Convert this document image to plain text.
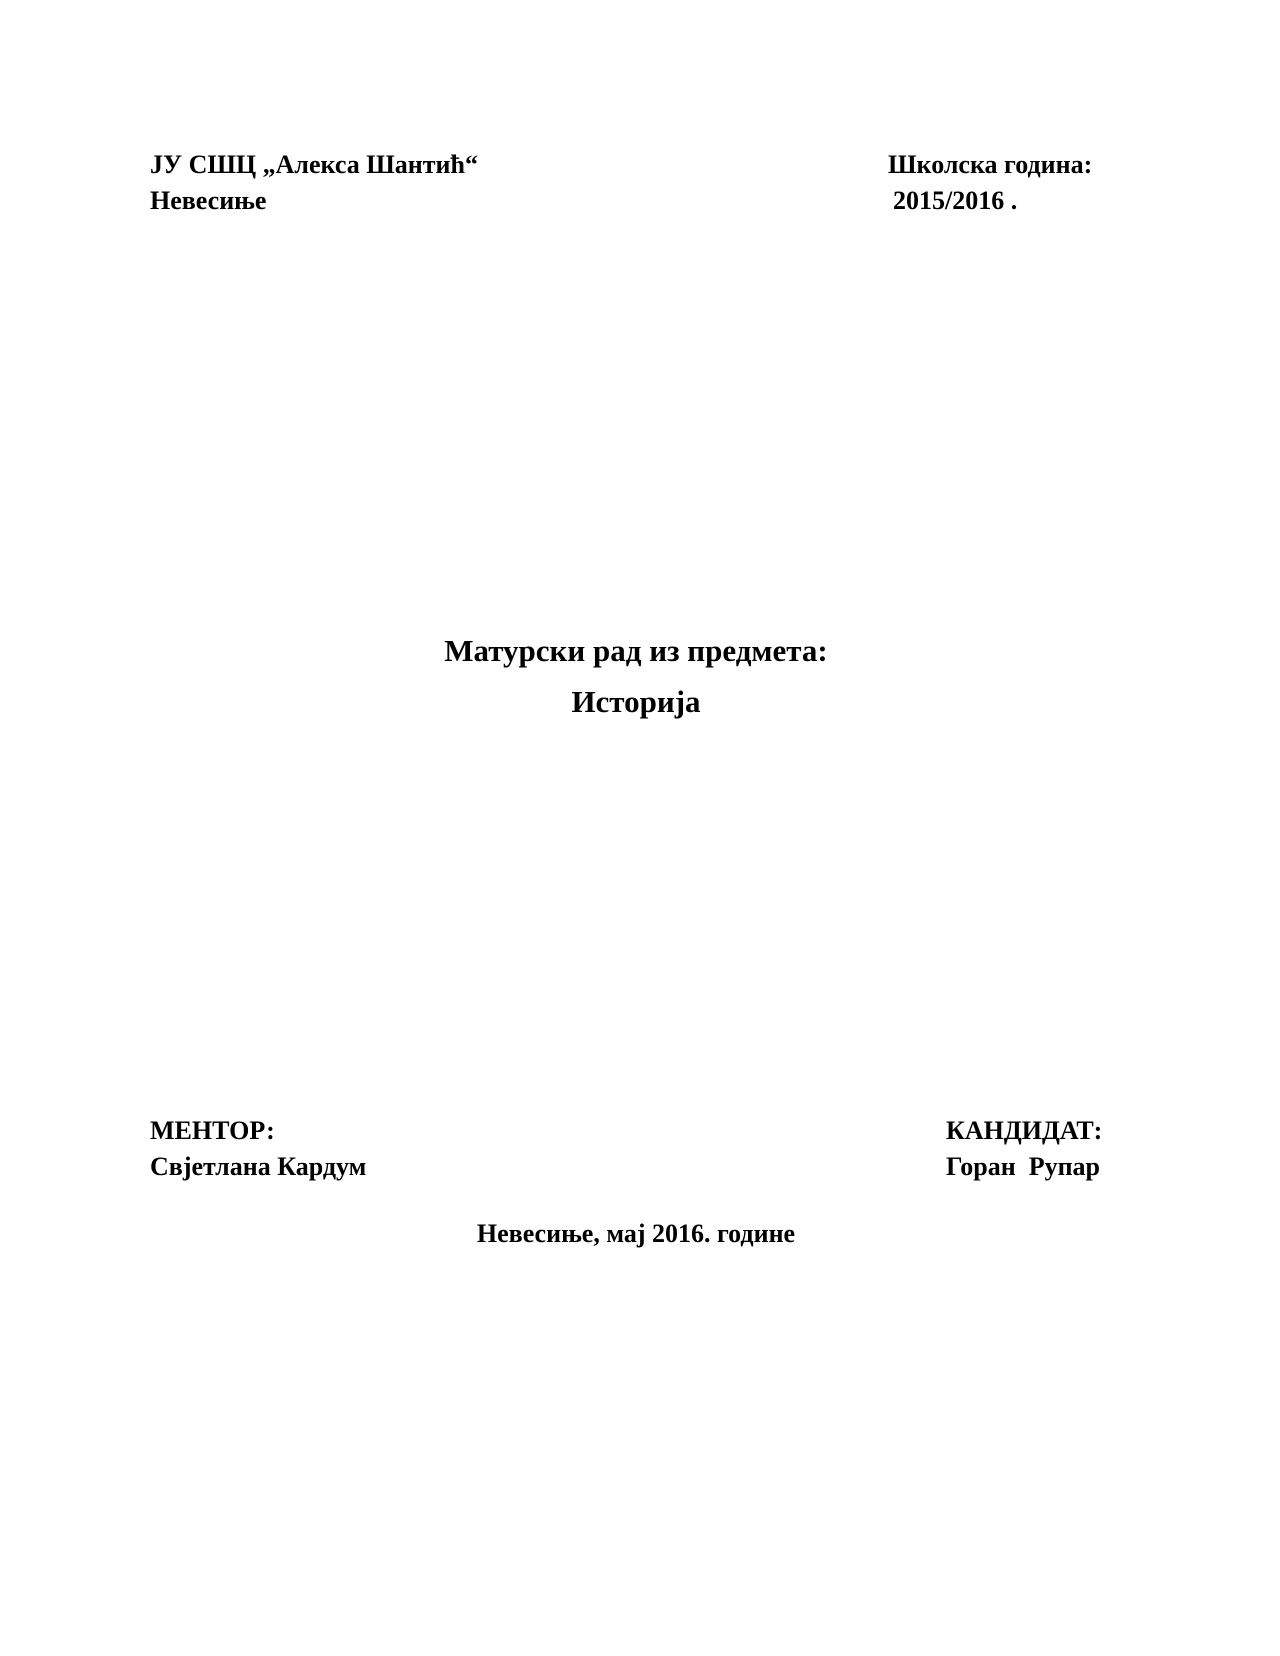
ЈУ СШЦ „Алекса Шантић“
Невесиње
Школска година:
2015/2016 .
Матурски рад из предмета:
Историја
МЕНТОР:
Свјетлана Кардум
КАНДИДАТ:
Горан  Рупар
Невесиње, мај 2016. године
